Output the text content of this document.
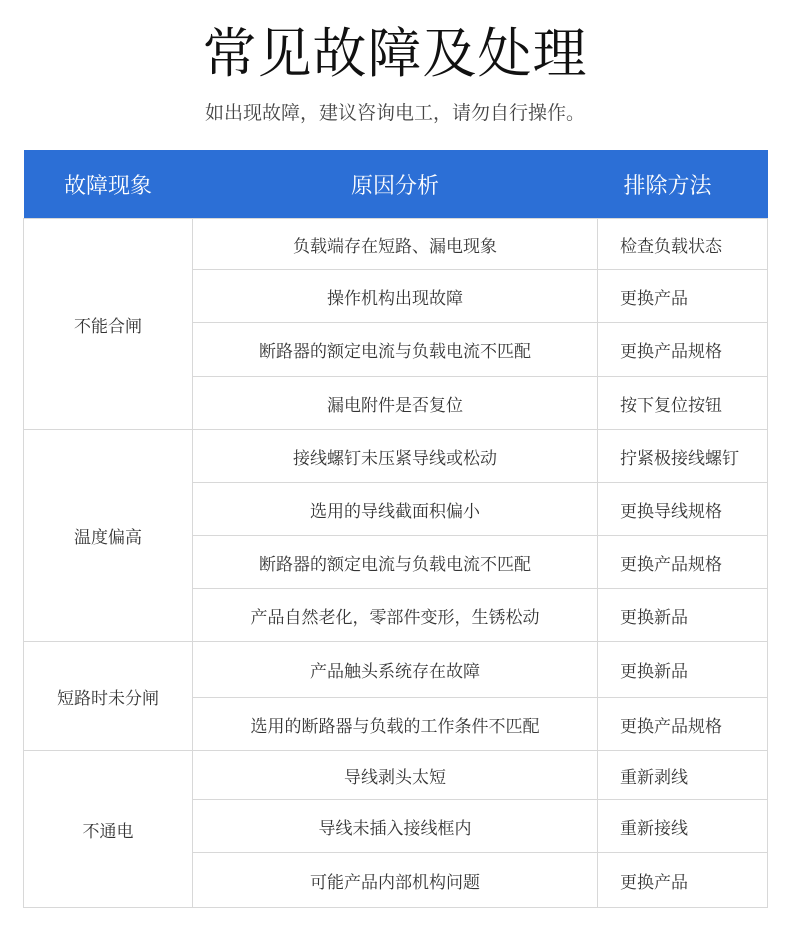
常见故障及处理
如出现故障，建议咨询电工，请勿自行操作。
故障现象	原因分析	排除方法
不能合闸	负载端存在短路、漏电现象	检查负载状态
	操作机构出现故障	更换产品
	断路器的额定电流与负载电流不匹配	更换产品规格
	漏电附件是否复位	按下复位按钮
温度偏高	接线螺钉未压紧导线或松动	拧紧极接线螺钉
	选用的导线截面积偏小	更换导线规格
	断路器的额定电流与负载电流不匹配	更换产品规格
	产品自然老化，零部件变形，生锈松动	更换新品
短路时未分闸	产品触头系统存在故障	更换新品
	选用的断路器与负载的工作条件不匹配	更换产品规格
不通电	导线剥头太短	重新剥线
	导线未插入接线框内	重新接线
	可能产品内部机构问题	更换产品
